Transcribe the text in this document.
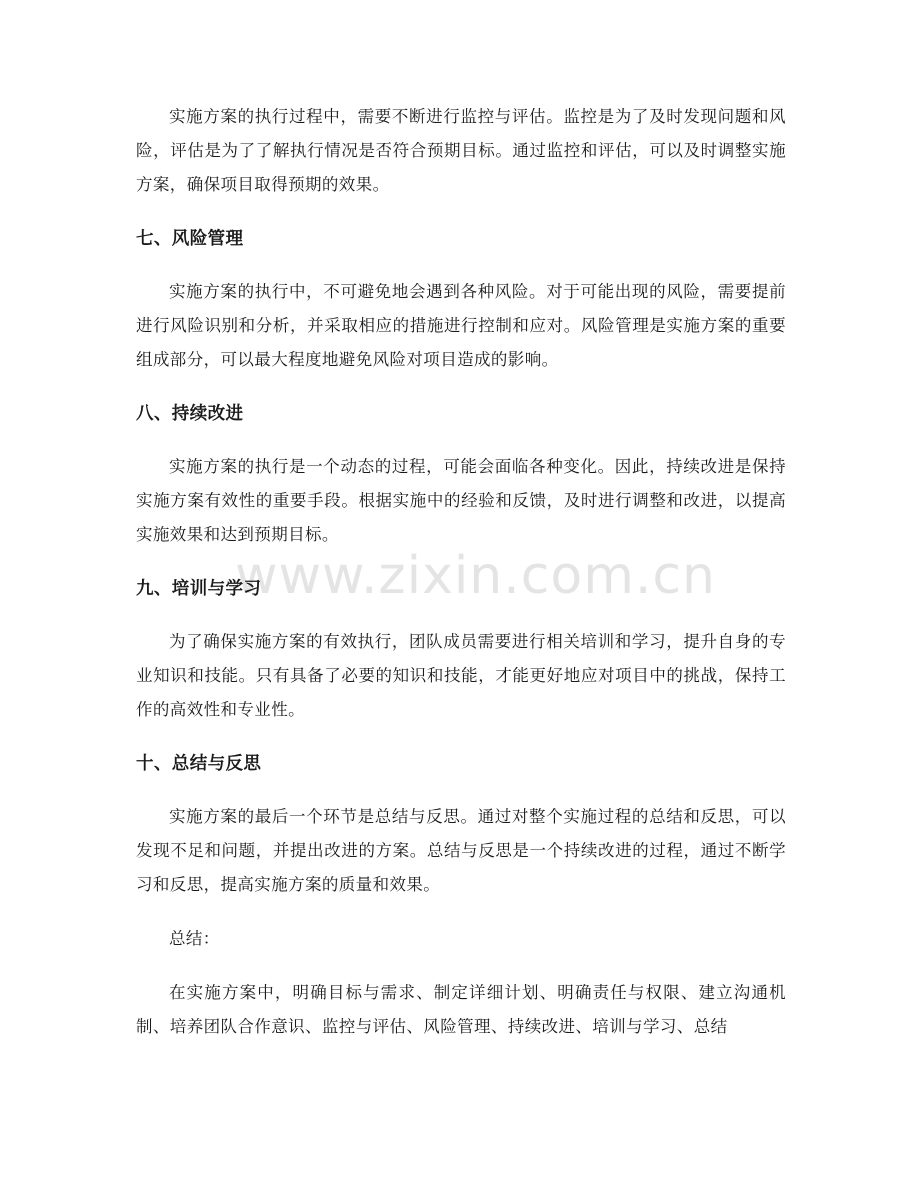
www.zixin.com.cn

实施方案的执行过程中，需要不断进行监控与评估。监控是为了及时发现问题和风险，评估是为了了解执行情况是否符合预期目标。通过监控和评估，可以及时调整实施方案，确保项目取得预期的效果。

七、风险管理

实施方案的执行中，不可避免地会遇到各种风险。对于可能出现的风险，需要提前进行风险识别和分析，并采取相应的措施进行控制和应对。风险管理是实施方案的重要组成部分，可以最大程度地避免风险对项目造成的影响。

八、持续改进

实施方案的执行是一个动态的过程，可能会面临各种变化。因此，持续改进是保持实施方案有效性的重要手段。根据实施中的经验和反馈，及时进行调整和改进，以提高实施效果和达到预期目标。

九、培训与学习

为了确保实施方案的有效执行，团队成员需要进行相关培训和学习，提升自身的专业知识和技能。只有具备了必要的知识和技能，才能更好地应对项目中的挑战，保持工作的高效性和专业性。

十、总结与反思

实施方案的最后一个环节是总结与反思。通过对整个实施过程的总结和反思，可以发现不足和问题，并提出改进的方案。总结与反思是一个持续改进的过程，通过不断学习和反思，提高实施方案的质量和效果。

总结：

在实施方案中，明确目标与需求、制定详细计划、明确责任与权限、建立沟通机制、培养团队合作意识、监控与评估、风险管理、持续改进、培训与学习、总结
